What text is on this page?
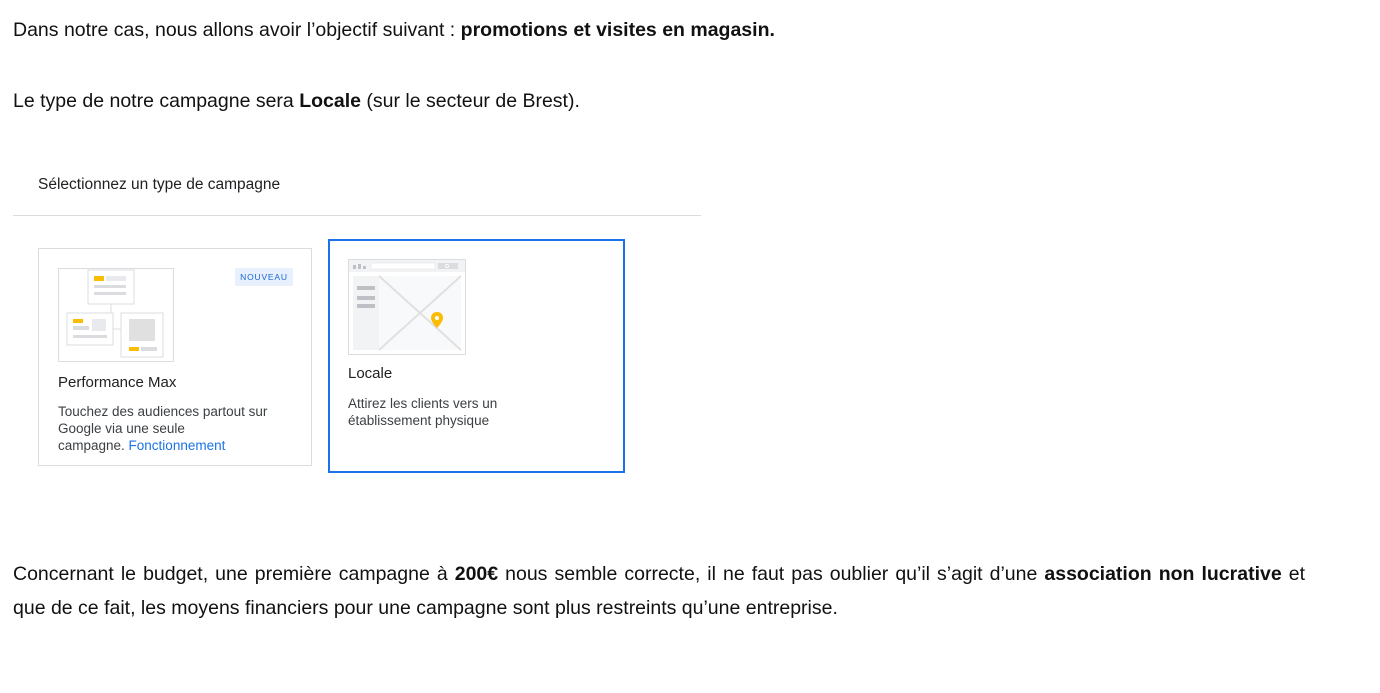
Dans notre cas, nous allons avoir l’objectif suivant : promotions et visites en magasin.
Le type de notre campagne sera Locale (sur le secteur de Brest).
Sélectionnez un type de campagne
NOUVEAU
Performance Max
Touchez des audiences partout sur
Google via une seule
campagne. Fonctionnement
Locale
Attirez les clients vers un
établissement physique
Concernant le budget, une première campagne à 200€ nous semble correcte, il ne faut pas oublier qu’il s’agit d’une association non lucrative et que de ce fait, les moyens financiers pour une campagne sont plus restreints qu’une entreprise.
